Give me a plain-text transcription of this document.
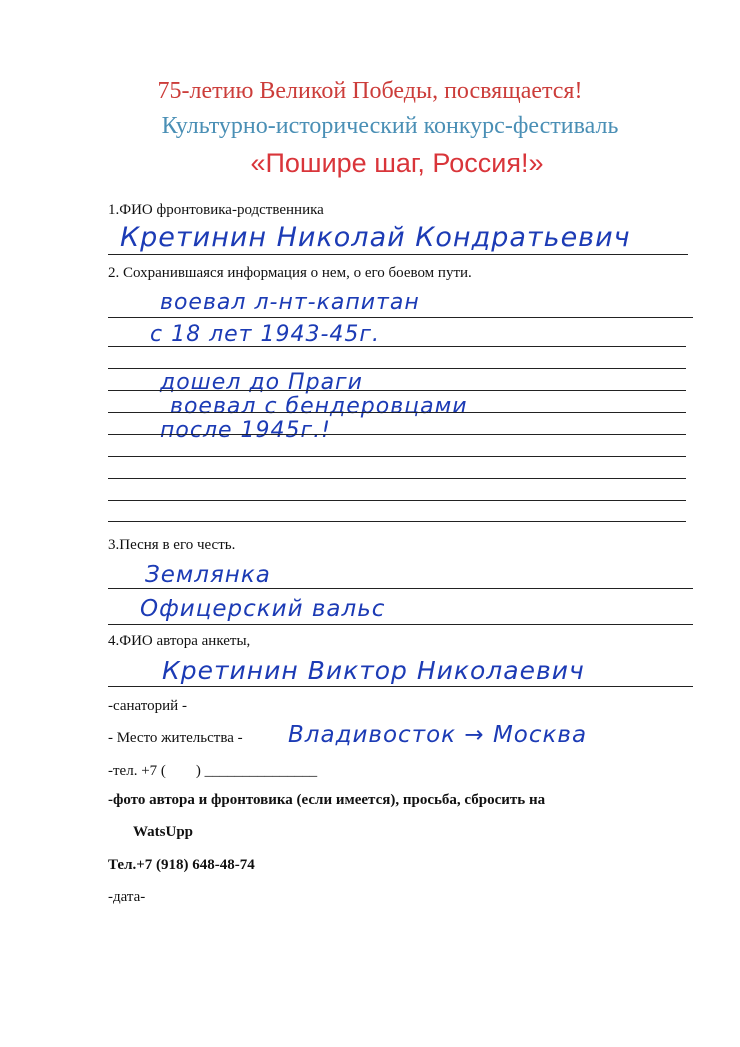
75-летию Великой Победы, посвящается!
Культурно-исторический конкурс-фестиваль
«Пошире шаг, Россия!»
1.ФИО фронтовика-родственника
Кретинин Николай Кондратьевич
2. Сохранившаяся информация о нем, о его боевом пути.
воевал л-нт-капитан
с 18 лет 1943-45г.
дошел до Праги
воевал с бендеровцами
после 1945г.!
3.Песня в его честь.
Землянка
Офицерский вальс
4.ФИО автора анкеты,
Кретинин Виктор Николаевич
-санаторий -
- Место жительства - Владивосток → Москва
-тел. +7 (        ) _______________
-фото автора и фронтовика (если имеется), просьба, сбросить на
WatsUpp
Тел.+7 (918) 648-48-74
-дата-
